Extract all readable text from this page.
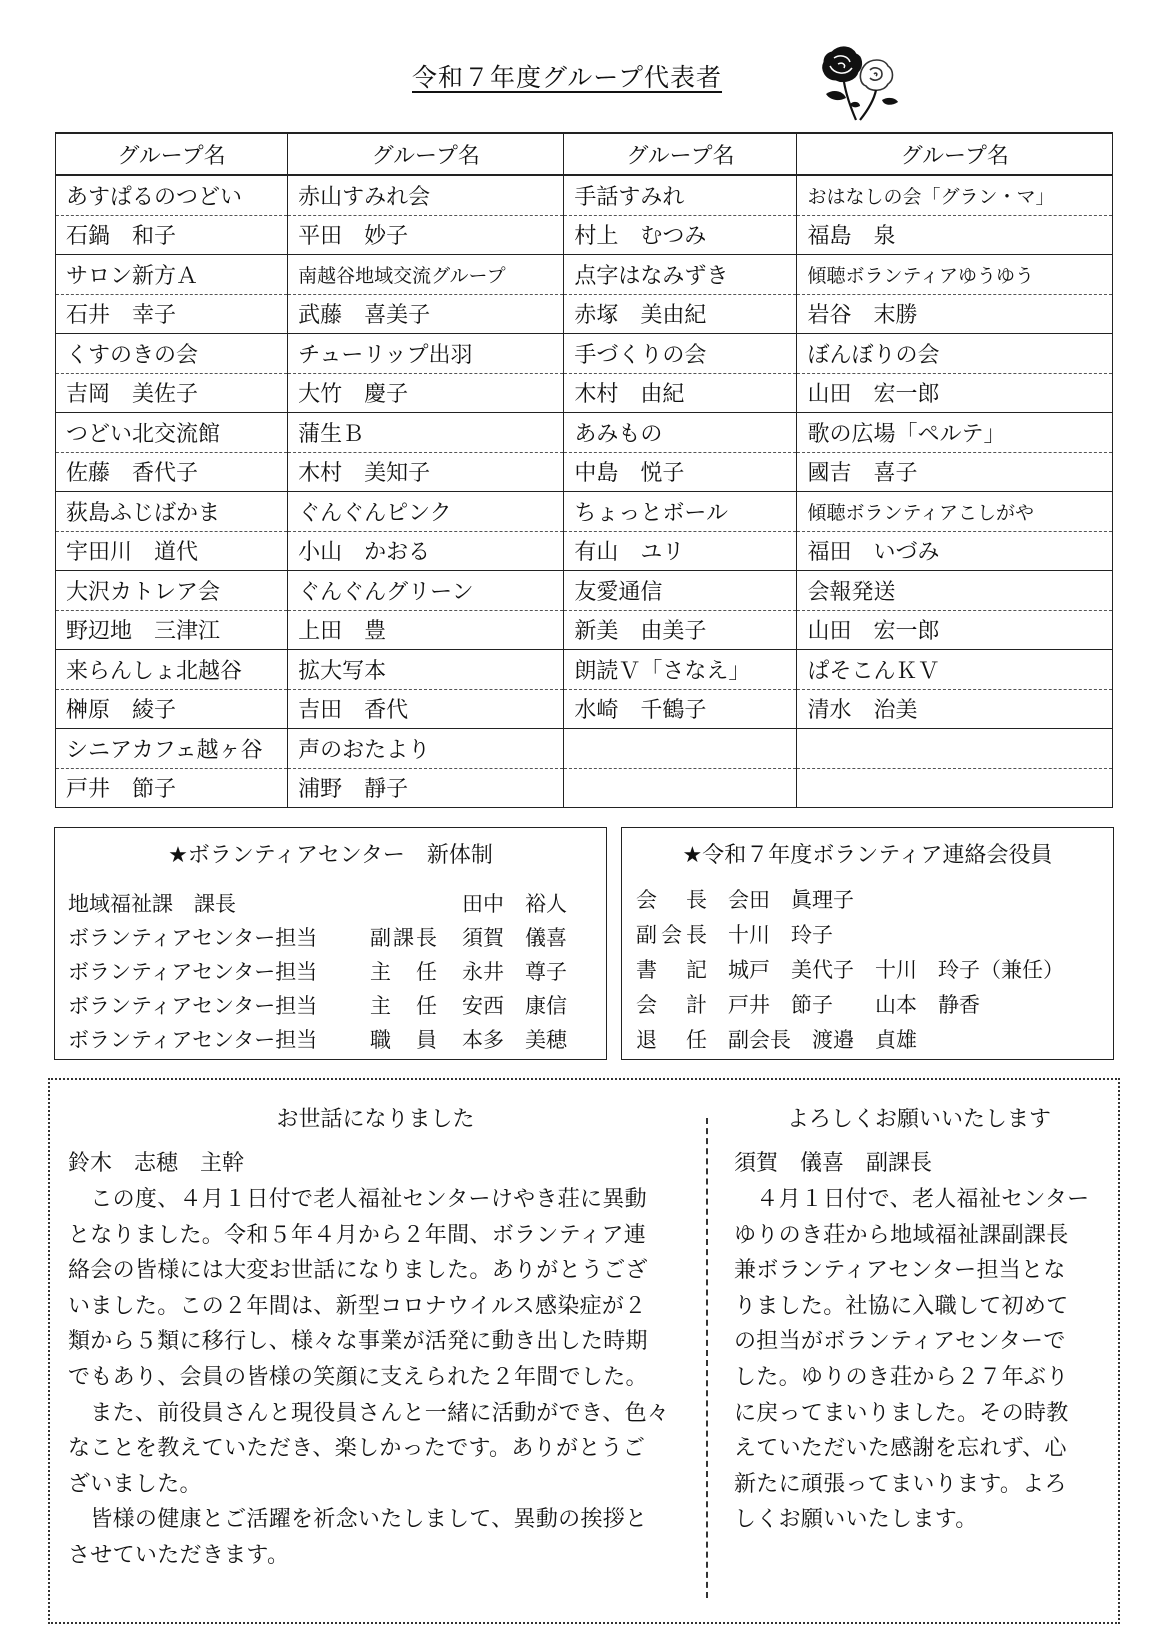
令和７年度グループ代表者
グループ名	グループ名	グループ名	グループ名
あすぱるのつどい	赤山すみれ会	手話すみれ	おはなしの会「グラン・マ」
石鍋　和子	平田　妙子	村上　むつみ	福島　泉
サロン新方Ａ	南越谷地域交流グループ	点字はなみずき	傾聴ボランティアゆうゆう
石井　幸子	武藤　喜美子	赤塚　美由紀	岩谷　末勝
くすのきの会	チューリップ出羽	手づくりの会	ぼんぼりの会
吉岡　美佐子	大竹　慶子	木村　由紀	山田　宏一郎
つどい北交流館	蒲生Ｂ	あみもの	歌の広場「ペルテ」
佐藤　香代子	木村　美知子	中島　悦子	國吉　喜子
荻島ふじばかま	ぐんぐんピンク	ちょっとボール	傾聴ボランティアこしがや
宇田川　道代	小山　かおる	有山　ユリ	福田　いづみ
大沢カトレア会	ぐんぐんグリーン	友愛通信	会報発送
野辺地　三津江	上田　豊	新美　由美子	山田　宏一郎
来らんしょ北越谷	拡大写本	朗読Ｖ「さなえ」	ぱそこんＫＶ
榊原　綾子	吉田　香代	水崎　千鶴子	清水　治美
シニアカフェ越ヶ谷	声のおたより		
戸井　節子	浦野　靜子		
★ボランティアセンター　新体制
地域福祉課　課長	田中　裕人
ボランティアセンター担当	副課長	須賀　儀喜
ボランティアセンター担当	主　任	永井　尊子
ボランティアセンター担当	主　任	安西　康信
ボランティアセンター担当	職　員	本多　美穂
★令和７年度ボランティア連絡会役員
会　長 会田　眞理子
副会長 十川　玲子
書　記 城戸　美代子　十川　玲子（兼任）
会　計 戸井　節子　　山本　静香
退　任 副会長　渡邉　貞雄
お世話になりました
鈴木　志穂　主幹
　この度、４月１日付で老人福祉センターけやき荘に異動
となりました。令和５年４月から２年間、ボランティア連
絡会の皆様には大変お世話になりました。ありがとうござ
いました。この２年間は、新型コロナウイルス感染症が２
類から５類に移行し、様々な事業が活発に動き出した時期
でもあり、会員の皆様の笑顔に支えられた２年間でした。
　また、前役員さんと現役員さんと一緒に活動ができ、色々
なことを教えていただき、楽しかったです。ありがとうご
ざいました。
　皆様の健康とご活躍を祈念いたしまして、異動の挨拶と
させていただきます。
よろしくお願いいたします
須賀　儀喜　副課長
　４月１日付で、老人福祉センター
ゆりのき荘から地域福祉課副課長
兼ボランティアセンター担当とな
りました。社協に入職して初めて
の担当がボランティアセンターで
した。ゆりのき荘から２７年ぶり
に戻ってまいりました。その時教
えていただいた感謝を忘れず、心
新たに頑張ってまいります。よろ
しくお願いいたします。
